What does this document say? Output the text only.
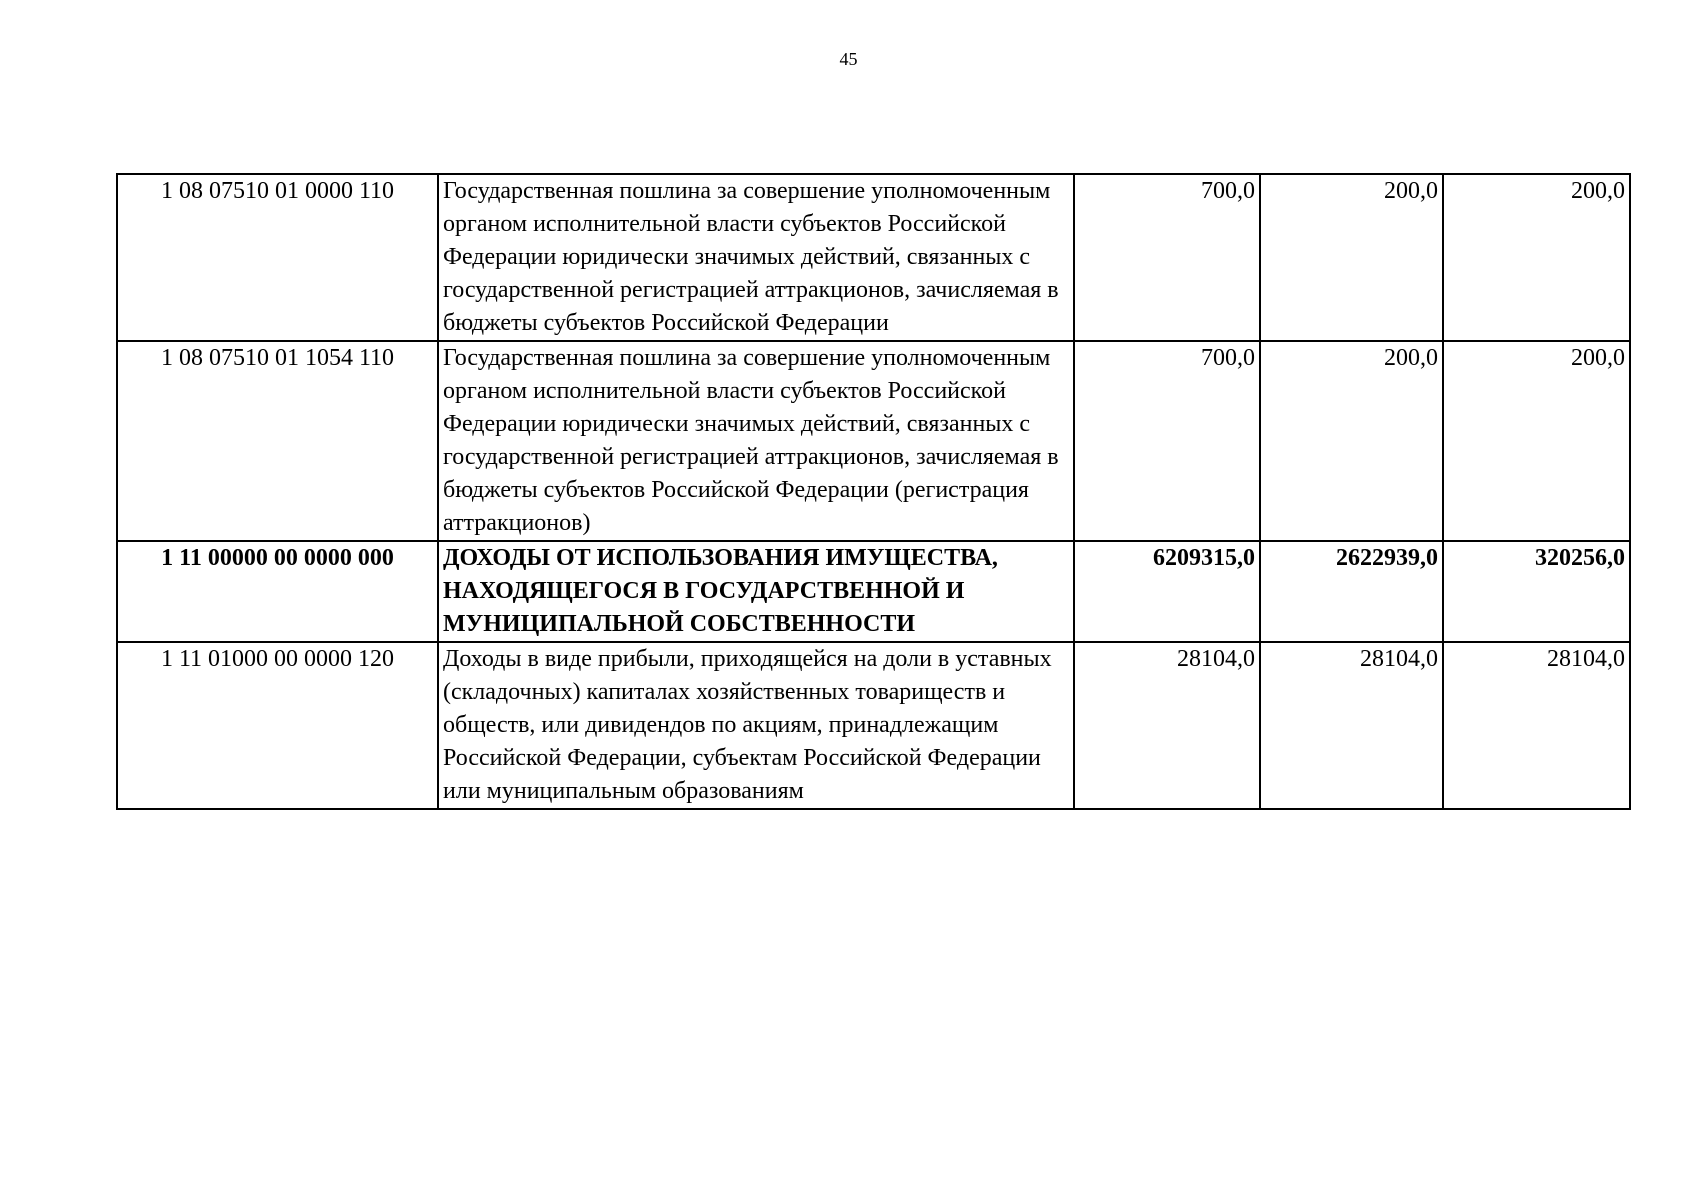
45
1 08 07510 01 0000 110	Государственная пошлина за совершение уполномоченным органом исполнительной власти субъектов Российской Федерации юридически значимых действий, связанных с государственной регистрацией аттракционов, зачисляемая в бюджеты субъектов Российской Федерации	700,0	200,0	200,0
1 08 07510 01 1054 110	Государственная пошлина за совершение уполномоченным органом исполнительной власти субъектов Российской Федерации юридически значимых действий, связанных с государственной регистрацией аттракционов, зачисляемая в бюджеты субъектов Российской Федерации (регистрация аттракционов)	700,0	200,0	200,0
1 11 00000 00 0000 000	ДОХОДЫ ОТ ИСПОЛЬЗОВАНИЯ ИМУЩЕСТВА, НАХОДЯЩЕГОСЯ В ГОСУДАРСТВЕННОЙ И МУНИЦИПАЛЬНОЙ СОБСТВЕННОСТИ	6209315,0	2622939,0	320256,0
1 11 01000 00 0000 120	Доходы в виде прибыли, приходящейся на доли в уставных (складочных) капиталах хозяйственных товариществ и обществ, или дивидендов по акциям, принадлежащим Российской Федерации, субъектам Российской Федерации или муниципальным образованиям	28104,0	28104,0	28104,0
